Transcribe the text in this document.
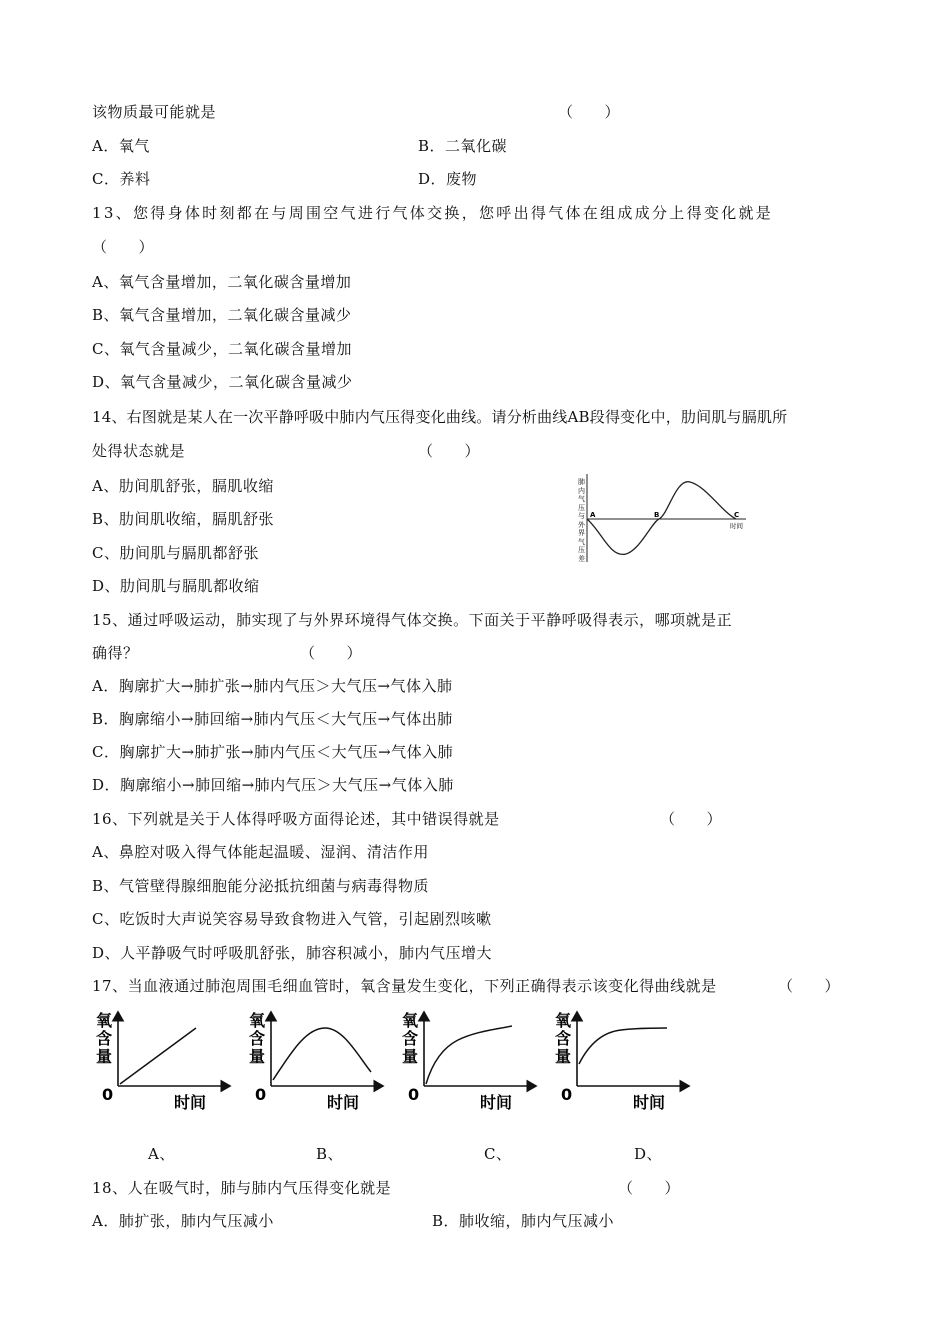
该物质最可能就是	（　　）
A．氧气	B．二氧化碳
C．养料	D．废物
13、您得身体时刻都在与周围空气进行气体交换，您呼出得气体在组成成分上得变化就是
（　　）
A、氧气含量增加，二氧化碳含量增加
B、氧气含量增加，二氧化碳含量减少
C、氧气含量减少，二氧化碳含量增加
D、氧气含量减少，二氧化碳含量减少
14、右图就是某人在一次平静呼吸中肺内气压得变化曲线。请分析曲线AB段得变化中，肋间肌与膈肌所
处得状态就是	（　　）
A、肋间肌舒张，膈肌收缩
B、肋间肌收缩，膈肌舒张
C、肋间肌与膈肌都舒张
D、肋间肌与膈肌都收缩
A	B	C
时间
肺内气压与外界气压差
15、通过呼吸运动，肺实现了与外界环境得气体交换。下面关于平静呼吸得表示，哪项就是正
确得？	（　　）
A．胸廓扩大→肺扩张→肺内气压＞大气压→气体入肺
B．胸廓缩小→肺回缩→肺内气压＜大气压→气体出肺
C．胸廓扩大→肺扩张→肺内气压＜大气压→气体入肺
D．胸廓缩小→肺回缩→肺内气压＞大气压→气体入肺
16、下列就是关于人体得呼吸方面得论述，其中错误得就是	（　　）
A、鼻腔对吸入得气体能起温暖、湿润、清洁作用
B、气管壁得腺细胞能分泌抵抗细菌与病毒得物质
C、吃饭时大声说笑容易导致食物进入气管，引起剧烈咳嗽
D、人平静吸气时呼吸肌舒张，肺容积减小，肺内气压增大
17、当血液通过肺泡周围毛细血管时，氧含量发生变化，下列正确得表示该变化得曲线就是	（　　）
氧
含
量
0	时间
氧
含
量
0	时间
氧
含
量
0	时间
氧
含
量
0	时间
A、	B、	C、	D、
18、人在吸气时，肺与肺内气压得变化就是	（　　）
A．肺扩张，肺内气压减小	B．肺收缩，肺内气压减小
